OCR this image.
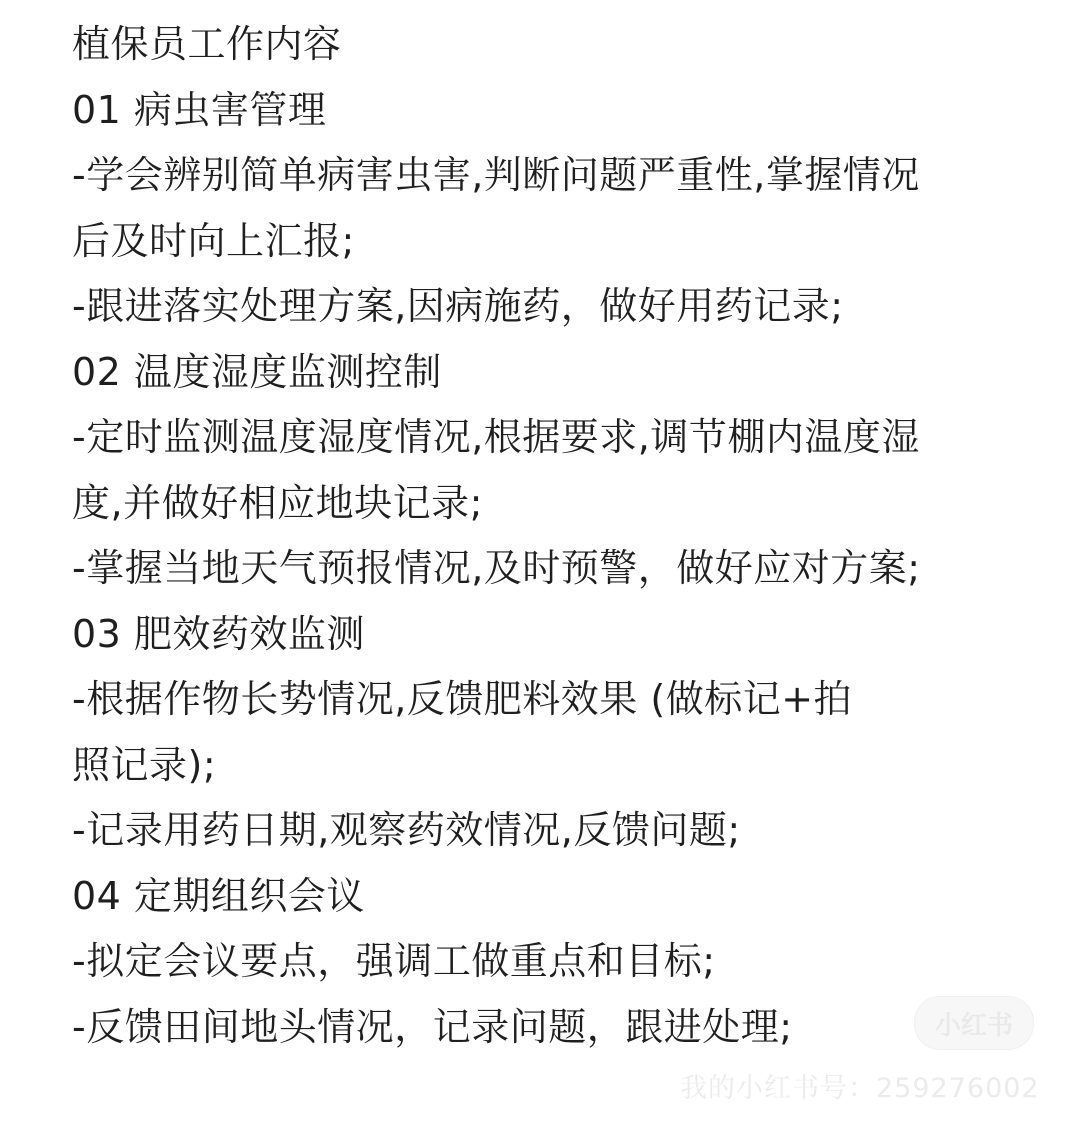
植保员工作内容
01 病虫害管理
-学会辨别简单病害虫害,判断问题严重性,掌握情况
后及时向上汇报;
-跟进落实处理方案,因病施药，做好用药记录;
02 温度湿度监测控制
-定时监测温度湿度情况,根据要求,调节棚内温度湿
度,并做好相应地块记录;
-掌握当地天气预报情况,及时预警，做好应对方案;
03 肥效药效监测
-根据作物长势情况,反馈肥料效果 (做标记+拍
照记录);
-记录用药日期,观察药效情况,反馈问题;
04 定期组织会议
-拟定会议要点，强调工做重点和目标;
-反馈田间地头情况，记录问题，跟进处理;	小红书
我的小红书号：259276002
